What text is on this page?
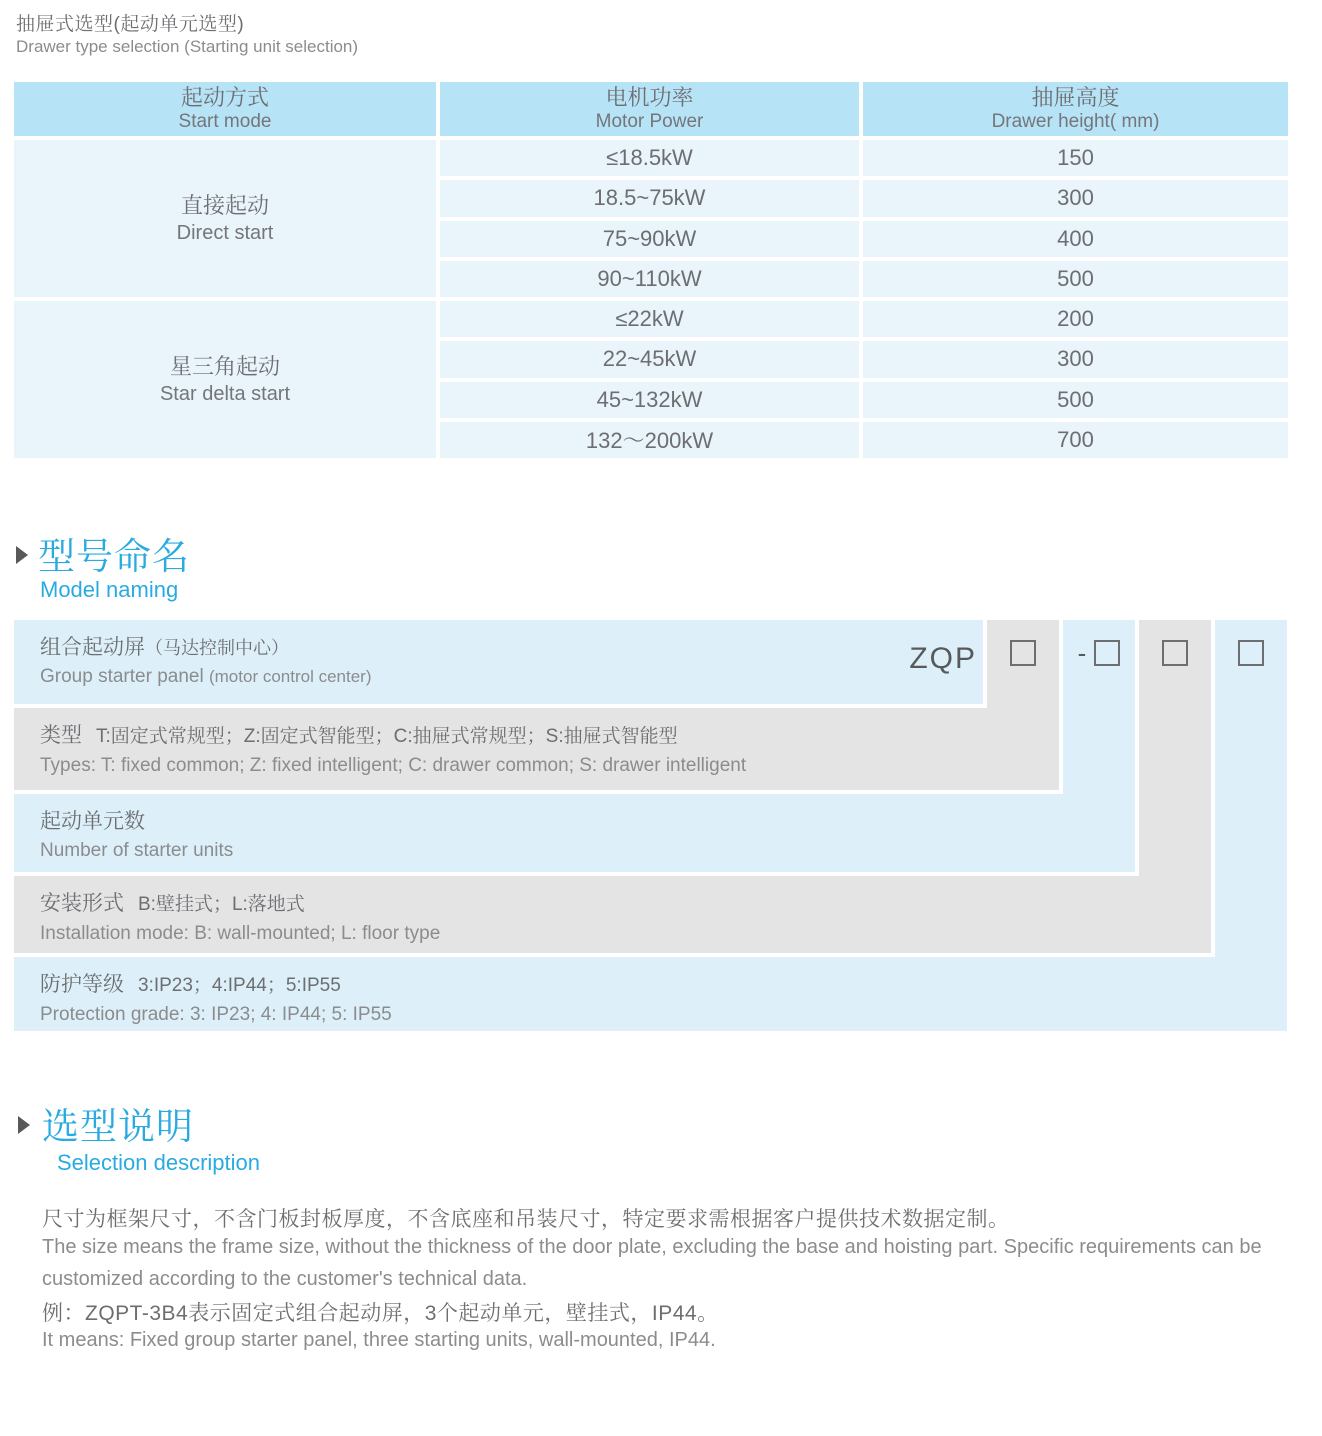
抽屉式选型(起动单元选型)
Drawer type selection (Starting unit selection)
起动方式
Start mode
直接起动
Direct start
星三角起动
Star delta start
电机功率
Motor Power
≤18.5kW
18.5~75kW
75~90kW
90~110kW
≤22kW
22~45kW
45~132kW
132～200kW
抽屉高度
Drawer height( mm)
150
300
400
500
200
300
500
700
型号命名
Model naming
-
组合起动屏（马达控制中心）
Group starter panel (motor control center)
ZQP
类型 T:固定式常规型；Z:固定式智能型；C:抽屉式常规型；S:抽屉式智能型
Types: T: fixed common; Z: fixed intelligent; C: drawer common; S: drawer intelligent
起动单元数
Number of starter units
安装形式 B:壁挂式；L:落地式
Installation mode: B: wall-mounted; L: floor type
防护等级 3:IP23；4:IP44；5:IP55
Protection grade: 3: IP23; 4: IP44; 5: IP55
选型说明
Selection description
尺寸为框架尺寸，不含门板封板厚度，不含底座和吊装尺寸，特定要求需根据客户提供技术数据定制。
The size means the frame size, without the thickness of the door plate, excluding the base and hoisting part. Specific requirements can be
customized according to the customer's technical data.
例：ZQPT-3B4表示固定式组合起动屏，3个起动单元，壁挂式，IP44。
It means: Fixed group starter panel, three starting units, wall-mounted, IP44.
